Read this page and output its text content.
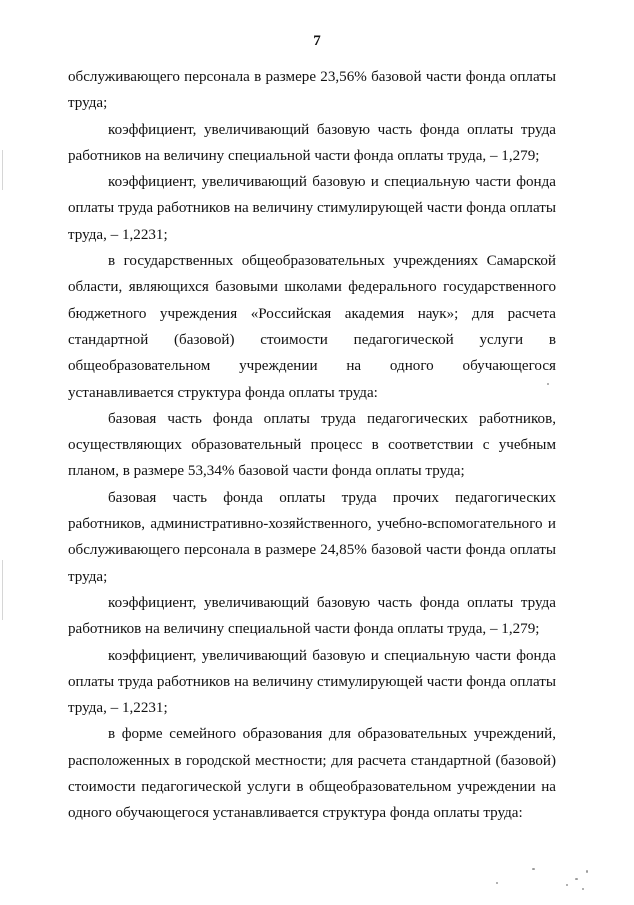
7

обслуживающего персонала в размере 23,56% базовой части фонда оплаты труда;

коэффициент, увеличивающий базовую часть фонда оплаты труда работников на величину специальной части фонда оплаты труда, – 1,279;

коэффициент, увеличивающий базовую и специальную части фонда оплаты труда работников на величину стимулирующей части фонда оплаты труда, – 1,2231;

в государственных общеобразовательных учреждениях Самарской области, являющихся базовыми школами федерального государственного бюджетного учреждения «Российская академия наук»; для расчета стандартной (базовой) стоимости педагогической услуги в общеобразовательном учреждении на одного обучающегося устанавливается структура фонда оплаты труда:

базовая часть фонда оплаты труда педагогических работников, осуществляющих образовательный процесс в соответствии с учебным планом, в размере 53,34% базовой части фонда оплаты труда;

базовая часть фонда оплаты труда прочих педагогических работников, административно-хозяйственного, учебно-вспомогательного и обслуживающего персонала в размере 24,85% базовой части фонда оплаты труда;

коэффициент, увеличивающий базовую часть фонда оплаты труда работников на величину специальной части фонда оплаты труда, – 1,279;

коэффициент, увеличивающий базовую и специальную части фонда оплаты труда работников на величину стимулирующей части фонда оплаты труда, – 1,2231;

в форме семейного образования для образовательных учреждений, расположенных в городской местности; для расчета стандартной (базовой) стоимости педагогической услуги в общеобразовательном учреждении на одного обучающегося устанавливается структура фонда оплаты труда:
